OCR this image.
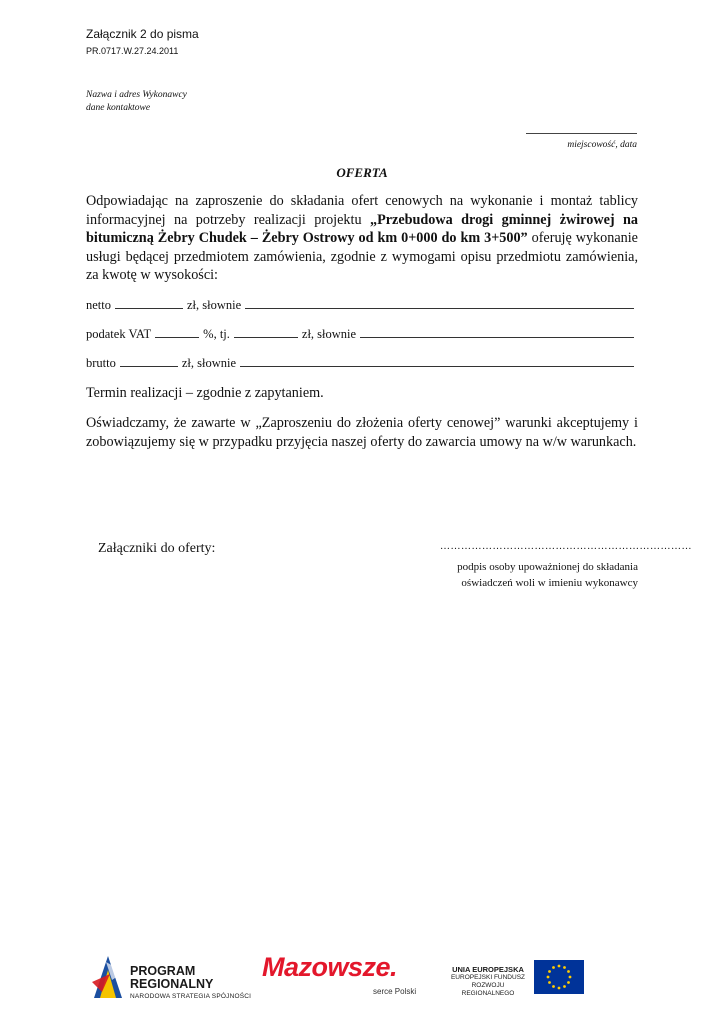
Załącznik 2 do pisma
PR.0717.W.27.24.2011
Nazwa i adres Wykonawcy
dane kontaktowe
miejscowość, data
OFERTA
Odpowiadając na zaproszenie do składania ofert cenowych na wykonanie i montaż tablicy informacyjnej na potrzeby realizacji projektu „Przebudowa drogi gminnej żwirowej na bitumiczną Żebry Chudek – Żebry Ostrowy od km 0+000 do km 3+500” oferuję wykonanie usługi będącej przedmiotem zamówienia, zgodnie z wymogami opisu przedmiotu zamówienia, za kwotę w wysokości:
netto	zł, słownie
podatek VAT	%, tj.	zł, słownie
brutto	zł, słownie
Termin realizacji – zgodnie z zapytaniem.
Oświadczamy, że zawarte w „Zaproszeniu do złożenia oferty cenowej” warunki akceptujemy i zobowiązujemy się w przypadku przyjęcia naszej oferty do zawarcia umowy na w/w warunkach.
Załączniki do oferty:	………………………………………………………………
podpis osoby upoważnionej do składania
oświadczeń woli w imieniu wykonawcy
PROGRAM
REGIONALNY
NARODOWA STRATEGIA SPÓJNOŚCI
Mazowsze.
serce Polski
UNIA EUROPEJSKA
EUROPEJSKI FUNDUSZ
ROZWOJU REGIONALNEGO
